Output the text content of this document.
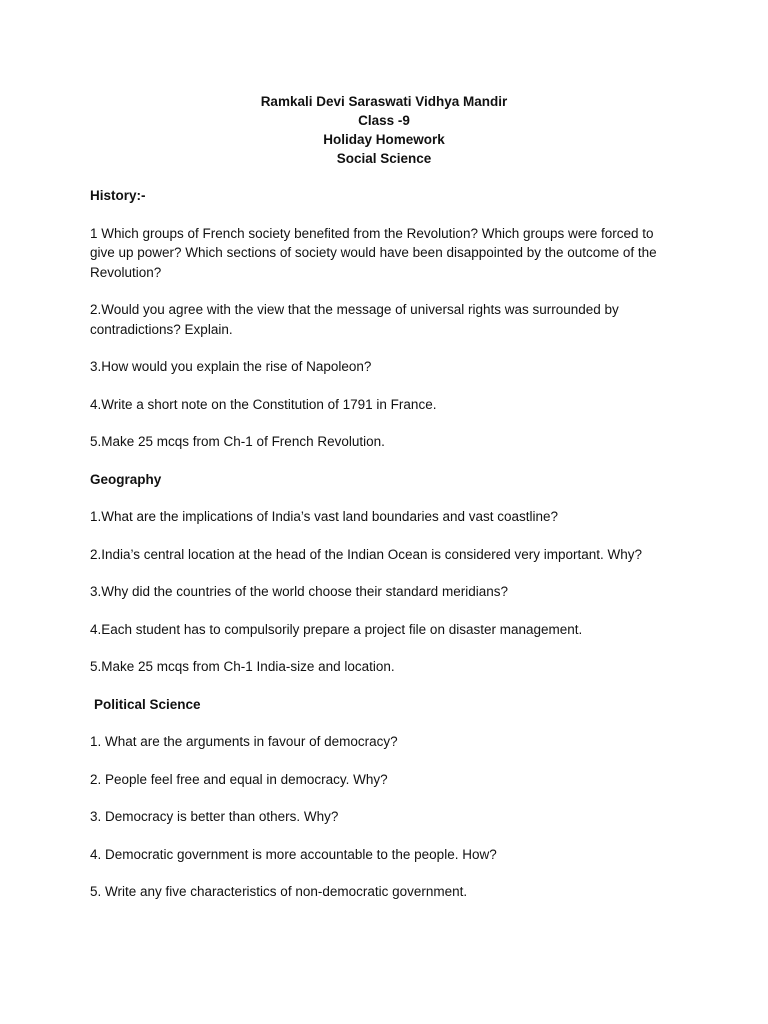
Ramkali Devi Saraswati Vidhya Mandir
Class -9
Holiday Homework
Social Science
History:-
1 Which groups of French society benefited from the Revolution? Which groups were forced to give up power? Which sections of society would have been disappointed by the outcome of the Revolution?
2.Would you agree with the view that the message of universal rights was surrounded by contradictions? Explain.
3.How would you explain the rise of Napoleon?
4.Write a short note on the Constitution of 1791 in France.
5.Make 25 mcqs from Ch-1 of French Revolution.
Geography
1.What are the implications of India’s vast land boundaries and vast coastline?
2.India’s central location at the head of the Indian Ocean is considered very important. Why?
3.Why did the countries of the world choose their standard meridians?
4.Each student has to compulsorily prepare a project file on disaster management.
5.Make 25 mcqs from Ch-1 India-size and location.
Political Science
1. What are the arguments in favour of democracy?
2. People feel free and equal in democracy. Why?
3. Democracy is better than others. Why?
4. Democratic government is more accountable to the people. How?
5. Write any five characteristics of non-democratic government.
